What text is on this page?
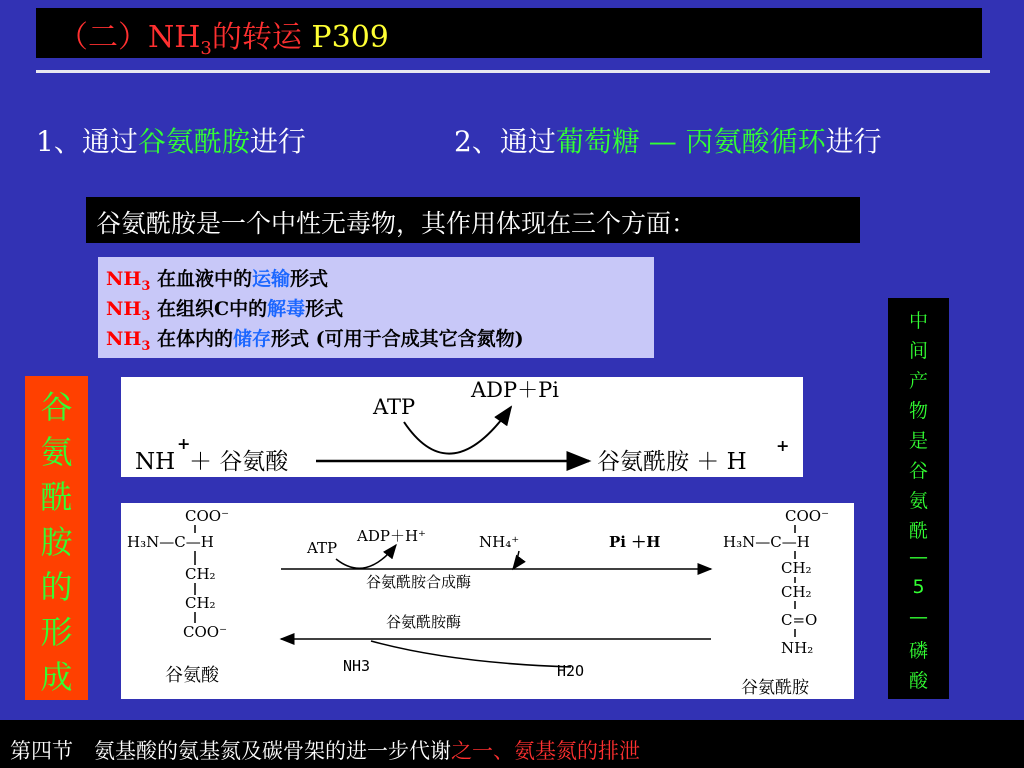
（二）$NH_3$的转运 P309
1、通过谷氨酰胺进行	2、通过葡萄糖 — 丙氨酸循环进行
谷氨酰胺是一个中性无毒物，其作用体现在三个方面：
$NH_3$ 在血液中的运输形式
$NH_3$ 在组织C中的解毒形式
$NH_3$ 在体内的储存形式 (可用于合成其它含氮物)
谷
氨
酰
胺
的
形
成
中
间
产
物
是
谷
氨
酰
—
5
—
磷
酸
ATP
ADP＋Pi
NH
+
＋ 谷氨酸	谷氨酰胺 ＋ H
+
COO⁻
H₃N—C—H
CH₂
CH₂
COO⁻
谷氨酸
ATP
ADP＋H⁺	NH₄⁺	Pi ＋H
谷氨酰胺合成酶
谷氨酰胺酶
NH3	H2O
COO⁻
H₃N—C—H
CH₂
CH₂
C=O
NH₂
谷氨酰胺
第四节　氨基酸的氨基氮及碳骨架的进一步代谢之一、氨基氮的排泄
